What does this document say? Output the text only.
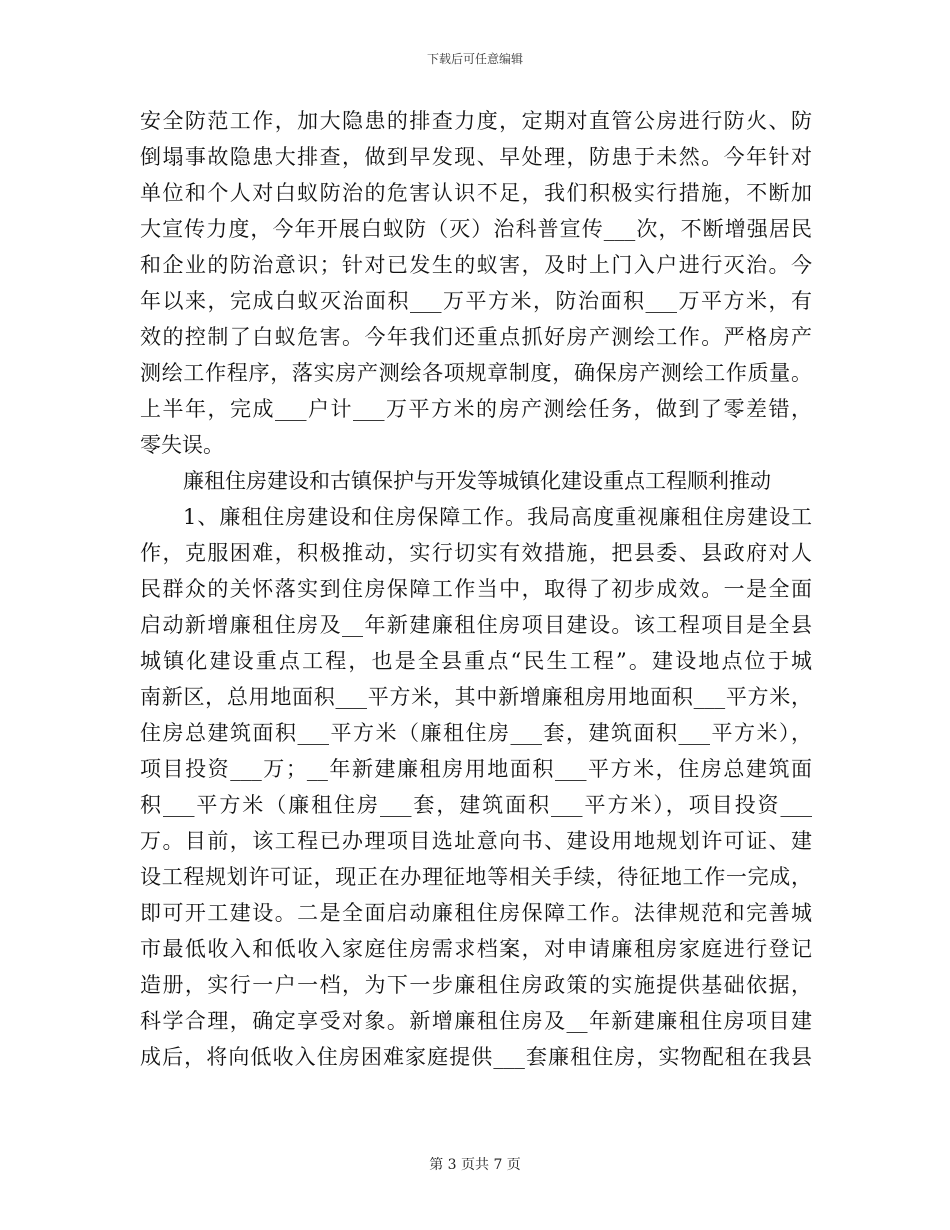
下载后可任意编辑
安全防范工作，加大隐患的排查力度，定期对直管公房进行防火、防
倒塌事故隐患大排查，做到早发现、早处理，防患于未然。今年针对
单位和个人对白蚁防治的危害认识不足，我们积极实行措施，不断加
大宣传力度，今年开展白蚁防（灭）治科普宣传___次，不断增强居民
和企业的防治意识；针对已发生的蚁害，及时上门入户进行灭治。今
年以来，完成白蚁灭治面积___万平方米，防治面积___万平方米，有
效的控制了白蚁危害。今年我们还重点抓好房产测绘工作。严格房产
测绘工作程序，落实房产测绘各项规章制度，确保房产测绘工作质量。
上半年，完成___户计___万平方米的房产测绘任务，做到了零差错，
零失误。
廉租住房建设和古镇保护与开发等城镇化建设重点工程顺利推动
1、廉租住房建设和住房保障工作。我局高度重视廉租住房建设工
作，克服困难，积极推动，实行切实有效措施，把县委、县政府对人
民群众的关怀落实到住房保障工作当中，取得了初步成效。一是全面
启动新增廉租住房及__年新建廉租住房项目建设。该工程项目是全县
城镇化建设重点工程，也是全县重点“民生工程”。建设地点位于城
南新区，总用地面积___平方米，其中新增廉租房用地面积___平方米，
住房总建筑面积___平方米（廉租住房___套，建筑面积___平方米），
项目投资___万；__年新建廉租房用地面积___平方米，住房总建筑面
积___平方米（廉租住房___套，建筑面积___平方米），项目投资___
万。目前，该工程已办理项目选址意向书、建设用地规划许可证、建
设工程规划许可证，现正在办理征地等相关手续，待征地工作一完成，
即可开工建设。二是全面启动廉租住房保障工作。法律规范和完善城
市最低收入和低收入家庭住房需求档案，对申请廉租房家庭进行登记
造册，实行一户一档，为下一步廉租住房政策的实施提供基础依据，
科学合理，确定享受对象。新增廉租住房及__年新建廉租住房项目建
成后，将向低收入住房困难家庭提供___套廉租住房，实物配租在我县
第 3 页共 7 页
